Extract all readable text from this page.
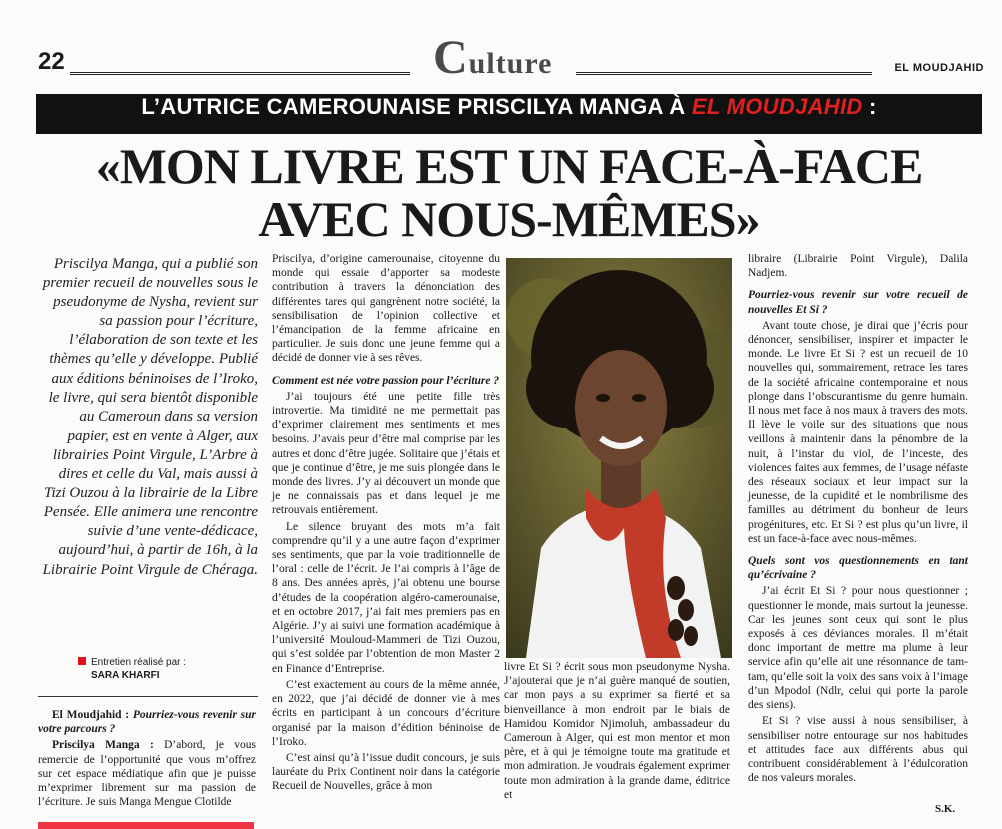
22	Culture	EL MOUDJAHID
L’AUTRICE CAMEROUNAISE PRISCILYA MANGA À EL MOUDJAHID :
«MON LIVRE EST UN FACE-À-FACE
AVEC NOUS-MÊMES»
Priscilya Manga, qui a publié son premier recueil de nouvelles sous le pseudonyme de Nysha, revient sur sa passion pour l’écriture, l’élaboration de son texte et les thèmes qu’elle y développe. Publié aux éditions béninoises de l’Iroko, le livre, qui sera bientôt disponible au Cameroun dans sa version papier, est en vente à Alger, aux librairies Point Virgule, L’Arbre à dires et celle du Val, mais aussi à Tizi Ouzou à la librairie de la Libre Pensée. Elle animera une rencontre suivie d’une vente-dédicace, aujourd’hui, à partir de 16h, à la Librairie Point Virgule de Chéraga.
Entretien réalisé par :
SARA KHARFI

El Moudjahid : Pourriez-vous revenir sur votre parcours ?

Priscilya Manga : D’abord, je vous remercie de l’opportunité que vous m’offrez sur cet espace médiatique afin que je puisse m’exprimer librement sur ma passion de l’écriture. Je suis Manga Mengue Clotilde

Priscilya, d’origine camerounaise, citoyenne du monde qui essaie d’apporter sa modeste contribution à travers la dénonciation des différentes tares qui gangrènent notre société, la sensibilisation de l’opinion collective et l’émancipation de la femme africaine en particulier. Je suis donc une jeune femme qui a décidé de donner vie à ses rêves.

Comment est née votre passion pour l’écriture ?

J’ai toujours été une petite fille très introvertie. Ma timidité ne me permettait pas d’exprimer clairement mes sentiments et mes besoins. J’avais peur d’être mal comprise par les autres et donc d’être jugée. Solitaire que j’étais et que je continue d’être, je me suis plongée dans le monde des livres. J’y ai découvert un monde que je ne connaissais pas et dans lequel je me retrouvais entièrement.

Le silence bruyant des mots m’a fait comprendre qu’il y a une autre façon d’exprimer ses sentiments, que par la voie traditionnelle de l’oral : celle de l’écrit. Je l’ai compris à l’âge de 8 ans. Des années après, j’ai obtenu une bourse d’études de la coopération algéro-camerounaise, et en octobre 2017, j’ai fait mes premiers pas en Algérie. J’y ai suivi une formation académique à l’université Mouloud-Mammeri de Tizi Ouzou, qui s’est soldée par l’obtention de mon Master 2 en Finance d’Entreprise.

C’est exactement au cours de la même année, en 2022, que j’ai décidé de donner vie à mes écrits en participant à un concours d’écriture organisé par la maison d’édition béninoise de l’Iroko.

C’est ainsi qu’à l’issue dudit concours, je suis lauréate du Prix Continent noir dans la catégorie Recueil de Nouvelles, grâce à mon

livre Et Si ? écrit sous mon pseudonyme Nysha. J’ajouterai que je n’ai guère manqué de soutien, car mon pays a su exprimer sa fierté et sa bienveillance à mon endroit par le biais de Hamidou Komidor Njimoluh, ambassadeur du Cameroun à Alger, qui est mon mentor et mon père, et à qui je témoigne toute ma gratitude et mon admiration. Je voudrais également exprimer toute mon admiration à la grande dame, éditrice et

libraire (Librairie Point Virgule), Dalila Nadjem.

Pourriez-vous revenir sur votre recueil de nouvelles Et Si ?

Avant toute chose, je dirai que j’écris pour dénoncer, sensibiliser, inspirer et impacter le monde. Le livre Et Si ? est un recueil de 10 nouvelles qui, sommairement, retrace les tares de la société africaine contemporaine et nous plonge dans l’obscurantisme du genre humain. Il nous met face à nos maux à travers des mots. Il lève le voile sur des situations que nous veillons à maintenir dans la pénombre de la nuit, à l’instar du viol, de l’inceste, des violences faites aux femmes, de l’usage néfaste des réseaux sociaux et leur impact sur la jeunesse, de la cupidité et le nombrilisme des familles au détriment du bonheur de leurs progénitures, etc. Et Si ? est plus qu’un livre, il est un face-à-face avec nous-mêmes.

Quels sont vos questionnements en tant qu’écrivaine ?

J’ai écrit Et Si ? pour nous questionner ; questionner le monde, mais surtout la jeunesse. Car les jeunes sont ceux qui sont le plus exposés à ces déviances morales. Il m’était donc important de mettre ma plume à leur service afin qu’elle ait une résonnance de tam-tam, qu’elle soit la voix des sans voix à l’image d’un Mpodol (Ndlr, celui qui porte la parole des siens).

Et Si ? vise aussi à nous sensibiliser, à sensibiliser notre entourage sur nos habitudes et attitudes face aux différents abus qui contribuent considérablement à l’édulcoration de nos valeurs morales.

S.K.
